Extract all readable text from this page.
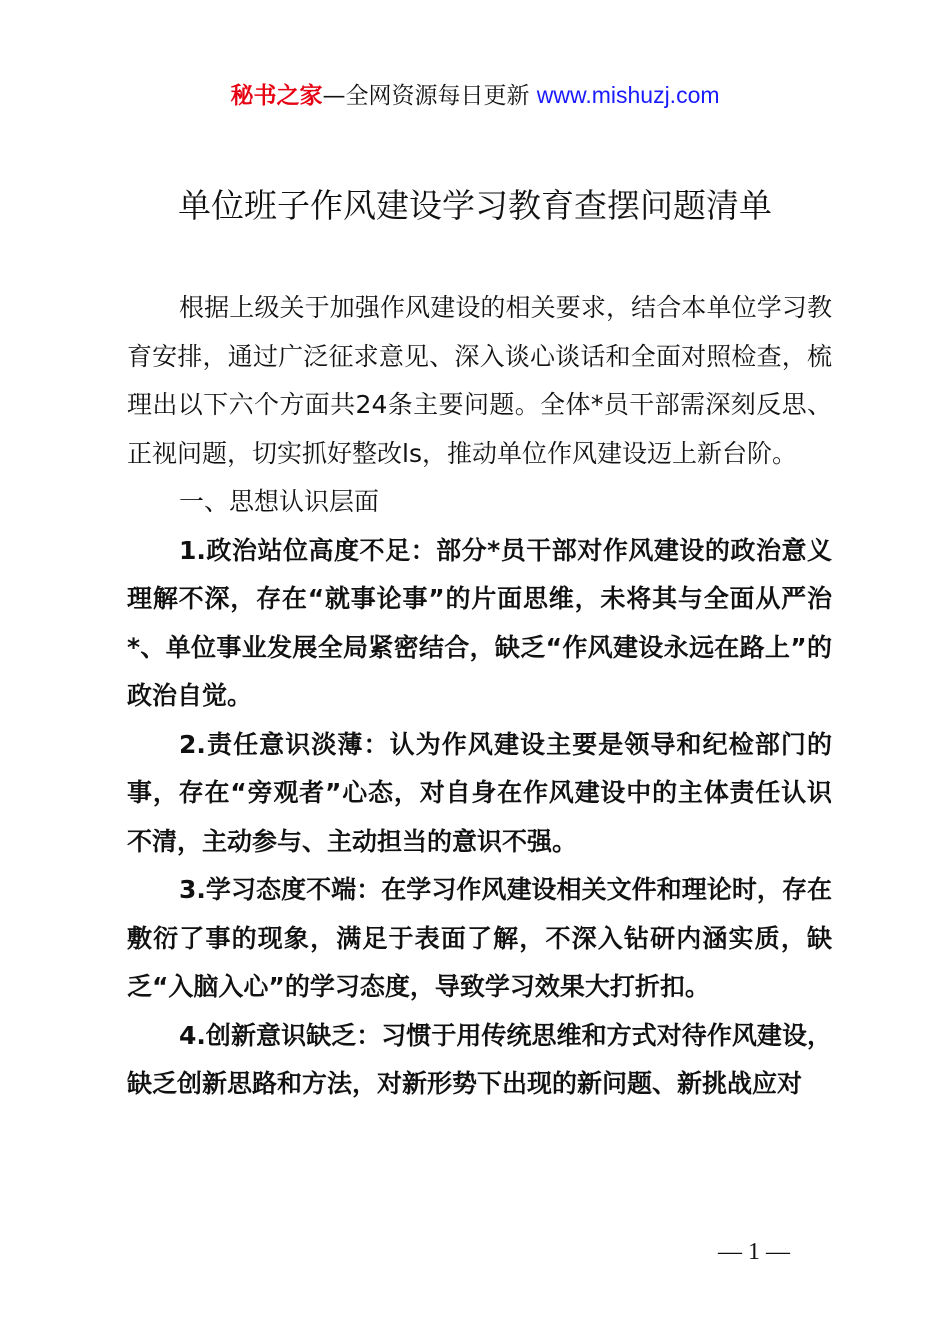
秘书之家—全网资源每日更新 www.mishuzj.com
单位班子作风建设学习教育查摆问题清单

根据上级关于加强作风建设的相关要求，结合本单位学习教育安排，通过广泛征求意见、深入谈心谈话和全面对照检查，梳理出以下六个方面共24条主要问题。全体*员干部需深刻反思、正视问题，切实抓好整改ls，推动单位作风建设迈上新台阶。

一、思想认识层面

1.政治站位高度不足：部分*员干部对作风建设的政治意义理解不深，存在“就事论事”的片面思维，未将其与全面从严治*、单位事业发展全局紧密结合，缺乏“作风建设永远在路上”的政治自觉。

2.责任意识淡薄：认为作风建设主要是领导和纪检部门的事，存在“旁观者”心态，对自身在作风建设中的主体责任认识不清，主动参与、主动担当的意识不强。

3.学习态度不端：在学习作风建设相关文件和理论时，存在敷衍了事的现象，满足于表面了解，不深入钻研内涵实质，缺乏“入脑入心”的学习态度，导致学习效果大打折扣。

4.创新意识缺乏：习惯于用传统思维和方式对待作风建设，缺乏创新思路和方法，对新形势下出现的新问题、新挑战应对

— 1 —
